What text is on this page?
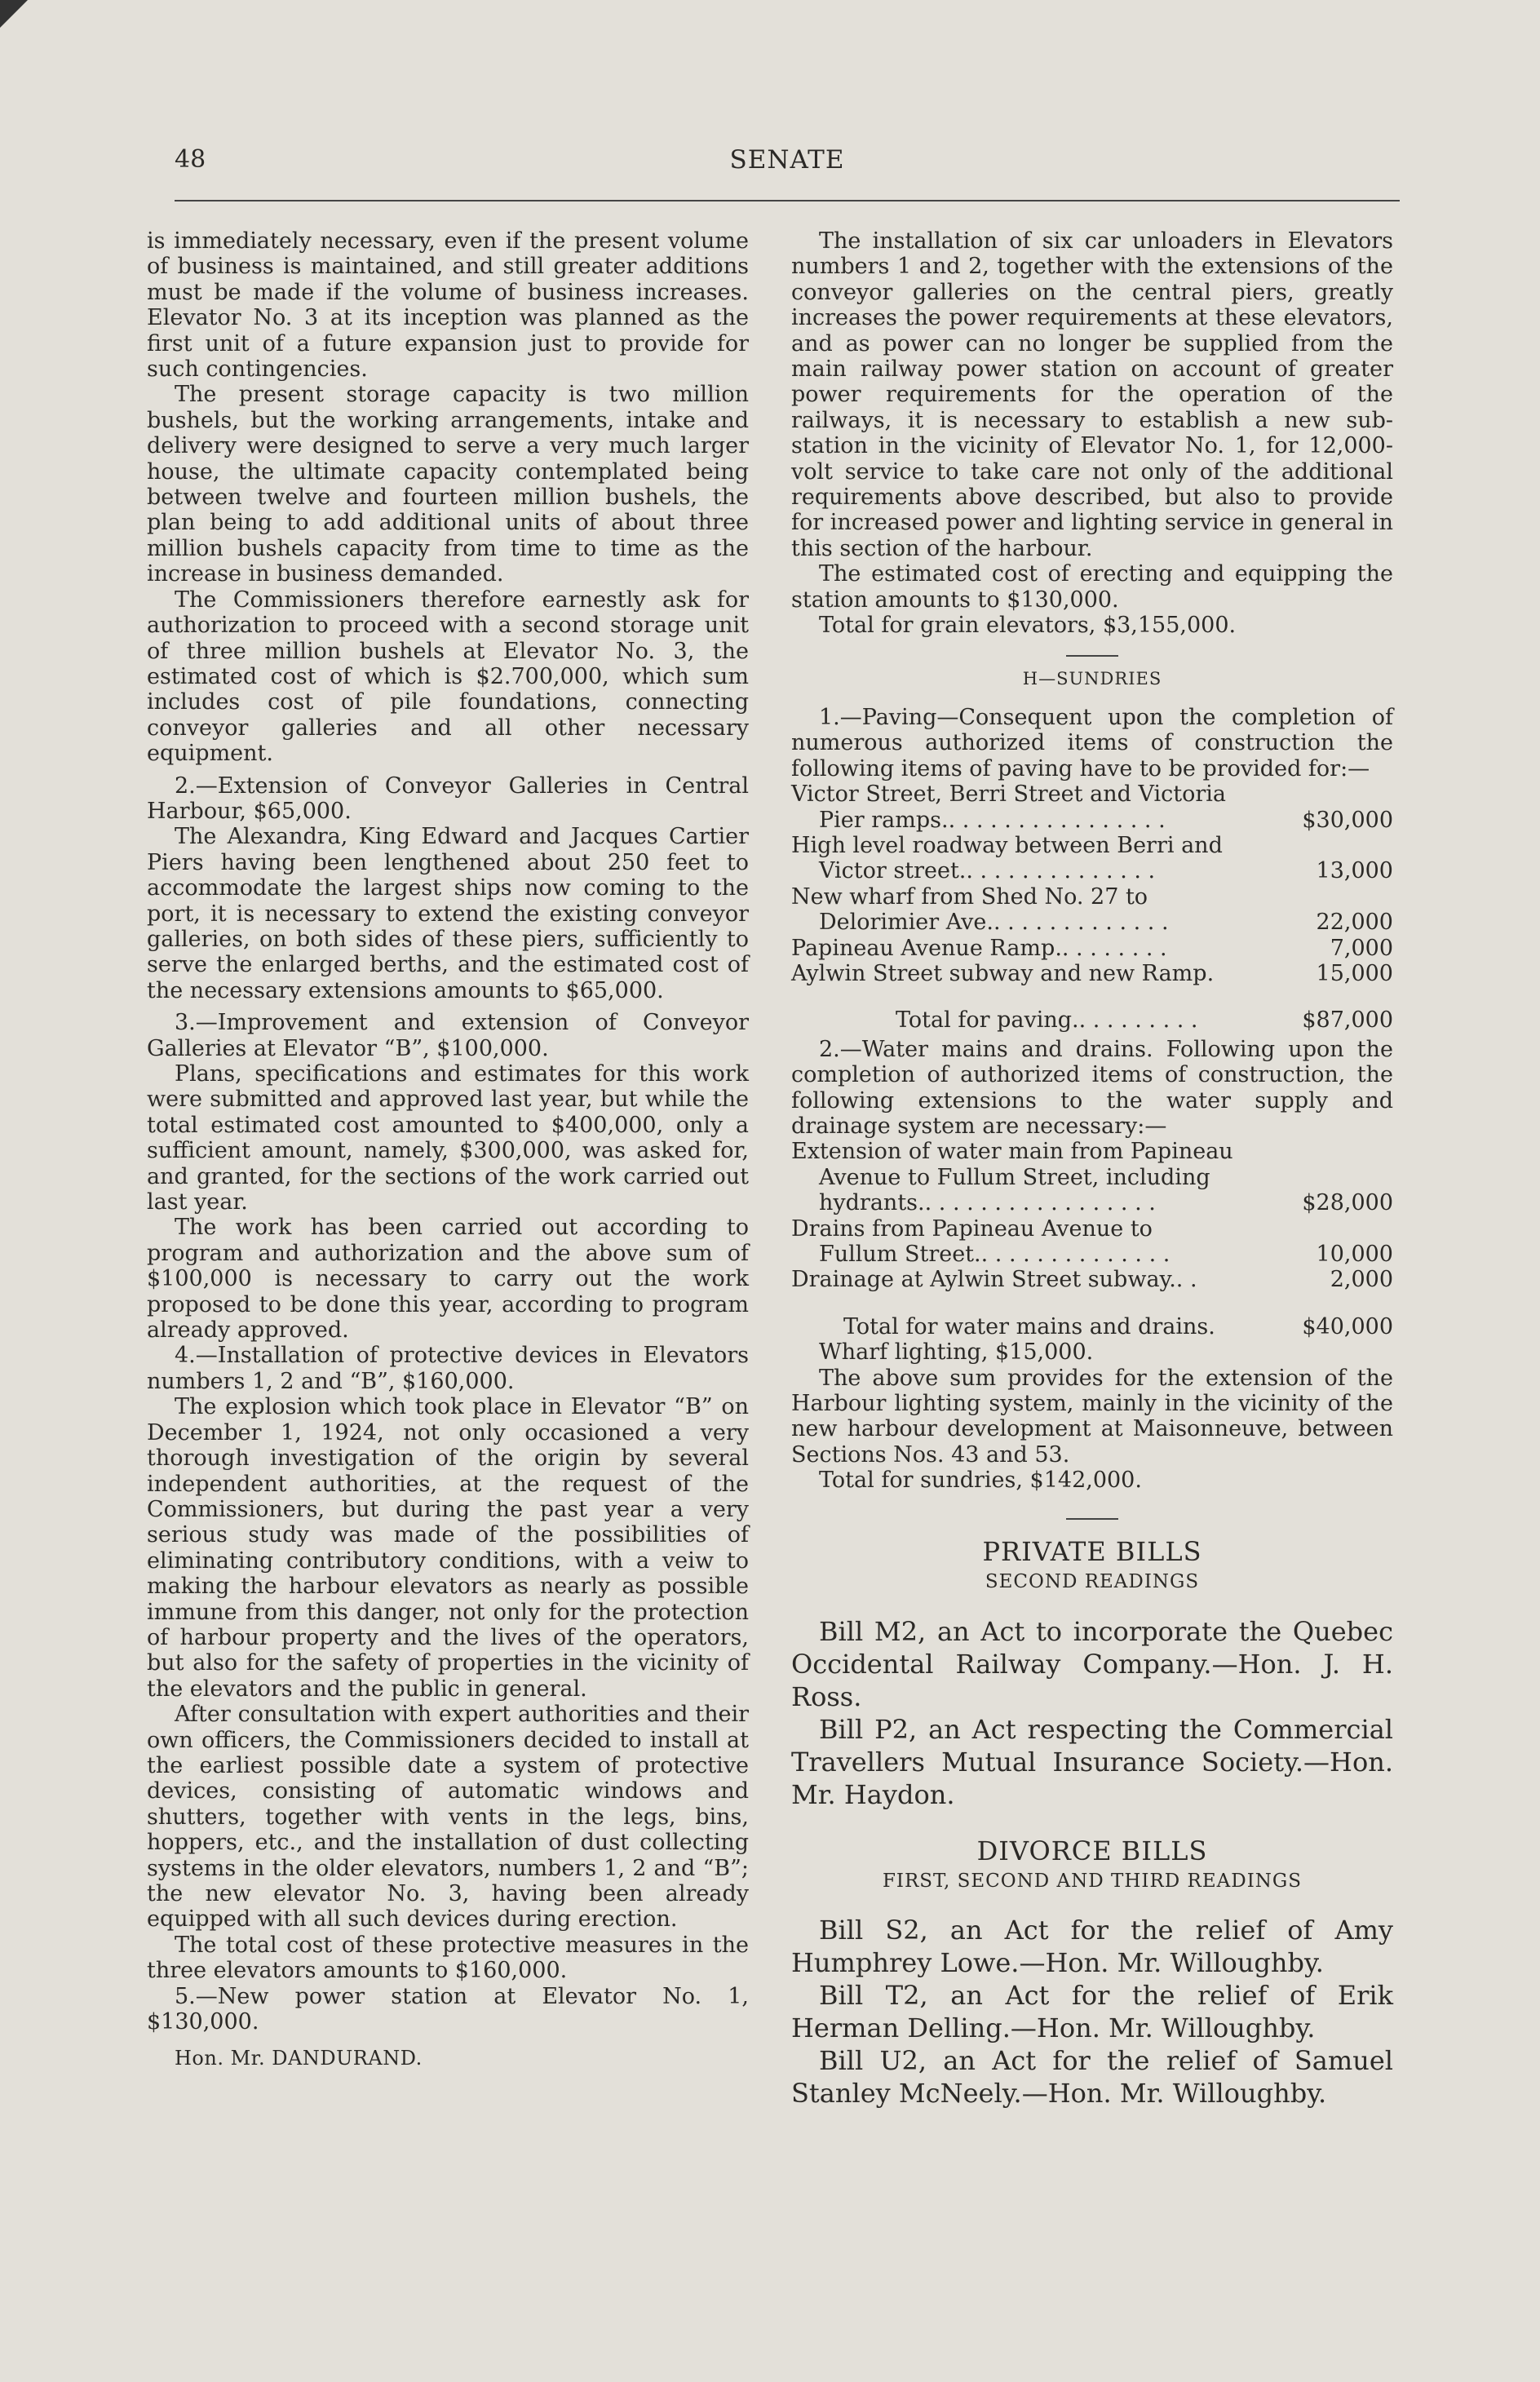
48	SENATE

is immediately necessary, even if the present volume of business is maintained, and still greater additions must be made if the volume of business increases. Elevator No. 3 at its inception was planned as the first unit of a future expansion just to provide for such contingencies.

The present storage capacity is two million bushels, but the working arrangements, intake and delivery were designed to serve a very much larger house, the ultimate capacity contemplated being between twelve and fourteen million bushels, the plan being to add additional units of about three million bushels capacity from time to time as the increase in business demanded.

The Commissioners therefore earnestly ask for authorization to proceed with a second storage unit of three million bushels at Elevator No. 3, the estimated cost of which is $2.700,000, which sum includes cost of pile foundations, connecting conveyor galleries and all other necessary equipment.

2.—Extension of Conveyor Galleries in Central Harbour, $65,000.

The Alexandra, King Edward and Jacques Cartier Piers having been lengthened about 250 feet to accommodate the largest ships now coming to the port, it is necessary to extend the existing conveyor galleries, on both sides of these piers, sufficiently to serve the enlarged berths, and the estimated cost of the necessary extensions amounts to $65,000.

3.—Improvement and extension of Conveyor Galleries at Elevator “B”, $100,000.

Plans, specifications and estimates for this work were submitted and approved last year, but while the total estimated cost amounted to $400,000, only a sufficient amount, namely, $300,000, was asked for, and granted, for the sections of the work carried out last year.

The work has been carried out according to program and authorization and the above sum of $100,000 is necessary to carry out the work proposed to be done this year, according to program already approved.

4.—Installation of protective devices in Elevators numbers 1, 2 and “B”, $160,000.

The explosion which took place in Elevator “B” on December 1, 1924, not only occasioned a very thorough investigation of the origin by several independent authorities, at the request of the Commissioners, but during the past year a very serious study was made of the possibilities of eliminating contributory conditions, with a veiw to making the harbour elevators as nearly as possible immune from this danger, not only for the protection of harbour property and the lives of the operators, but also for the safety of properties in the vicinity of the elevators and the public in general.

After consultation with expert authorities and their own officers, the Commissioners decided to install at the earliest possible date a system of protective devices, consisting of automatic windows and shutters, together with vents in the legs, bins, hoppers, etc., and the installation of dust collecting systems in the older elevators, numbers 1, 2 and “B”; the new elevator No. 3, having been already equipped with all such devices during erection.

The total cost of these protective measures in the three elevators amounts to $160,000.

5.—New power station at Elevator No. 1, $130,000.

Hon. Mr. DANDURAND.

The installation of six car unloaders in Elevators numbers 1 and 2, together with the extensions of the conveyor galleries on the central piers, greatly increases the power requirements at these elevators, and as power can no longer be supplied from the main railway power station on account of greater power requirements for the operation of the railways, it is necessary to establish a new sub-station in the vicinity of Elevator No. 1, for 12,000-volt service to take care not only of the additional requirements above described, but also to provide for increased power and lighting service in general in this section of the harbour.

The estimated cost of erecting and equipping the station amounts to $130,000.

Total for grain elevators, $3,155,000.

H—SUNDRIES

1.—Paving—Consequent upon the completion of numerous authorized items of construction the following items of paving have to be provided for:—

Victor Street, Berri Street and Victoria
Pier ramps.. . . . . . . . . . . . . . . .	$30,000
High level roadway between Berri and
Victor street.. . . . . . . . . . . . . .	13,000
New wharf from Shed No. 27 to
Delorimier Ave.. . . . . . . . . . . . .	22,000
Papineau Avenue Ramp.. . . . . . . .	7,000
Aylwin Street subway and new Ramp.	15,000
Total for paving.. . . . . . . . .	$87,000

2.—Water mains and drains. Following upon the completion of authorized items of construction, the following extensions to the water supply and drainage system are necessary:—

Extension of water main from Papineau
Avenue to Fullum Street, including
hydrants.. . . . . . . . . . . . . . . . .	$28,000
Drains from Papineau Avenue to
Fullum Street.. . . . . . . . . . . . . .	10,000
Drainage at Aylwin Street subway.. .	2,000
Total for water mains and drains.	$40,000

Wharf lighting, $15,000.

The above sum provides for the extension of the Harbour lighting system, mainly in the vicinity of the new harbour development at Maisonneuve, between Sections Nos. 43 and 53.

Total for sundries, $142,000.

PRIVATE BILLS
SECOND READINGS

Bill M2, an Act to incorporate the Quebec Occidental Railway Company.—Hon. J. H. Ross.

Bill P2, an Act respecting the Commercial Travellers Mutual Insurance Society.—Hon. Mr. Haydon.

DIVORCE BILLS
FIRST, SECOND AND THIRD READINGS

Bill S2, an Act for the relief of Amy Humphrey Lowe.—Hon. Mr. Willoughby.

Bill T2, an Act for the relief of Erik Herman Delling.—Hon. Mr. Willoughby.

Bill U2, an Act for the relief of Samuel Stanley McNeely.—Hon. Mr. Willoughby.
